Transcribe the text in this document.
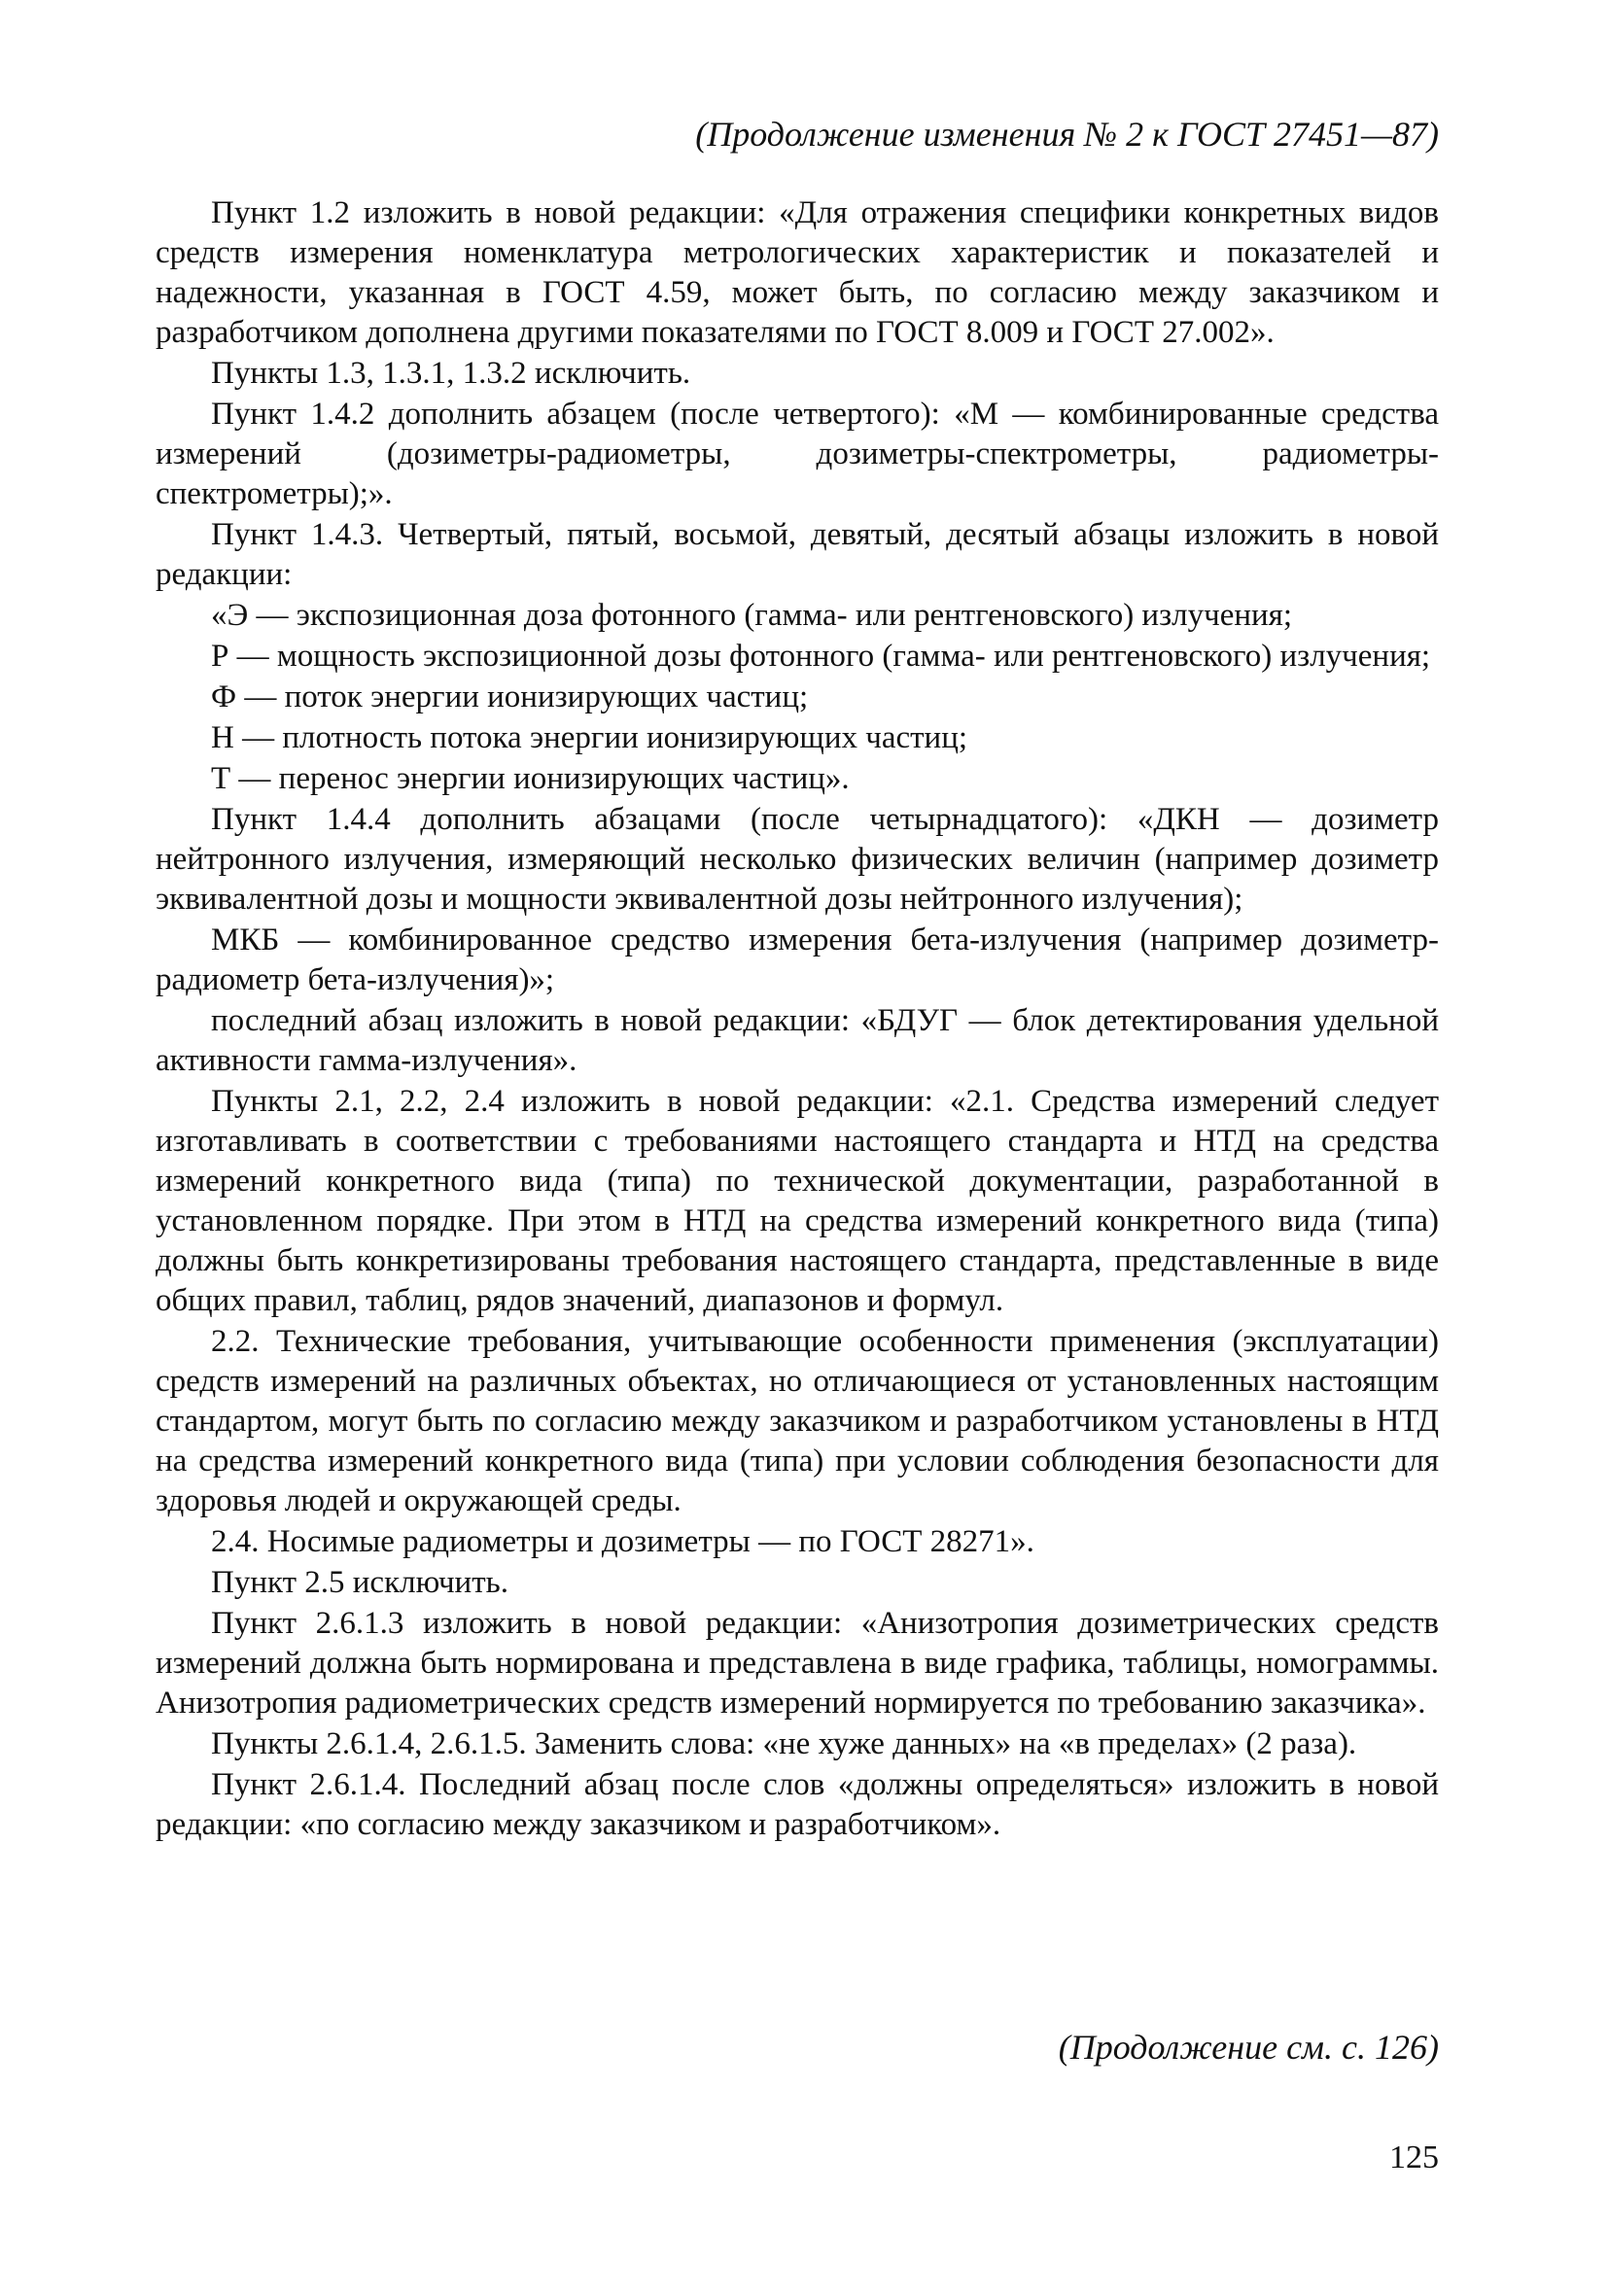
(Продолжение изменения № 2 к ГОСТ 27451—87)

Пункт 1.2 изложить в новой редакции: «Для отражения специфики конкретных видов средств измерения номенклатура метрологических характеристик и показателей и надежности, указанная в ГОСТ 4.59, может быть, по согласию между заказчиком и разработчиком дополнена другими показателями по ГОСТ 8.009 и ГОСТ 27.002».

Пункты 1.3, 1.3.1, 1.3.2 исключить.

Пункт 1.4.2 дополнить абзацем (после четвертого): «М — комбинированные средства измерений (дозиметры-радиометры, дозиметры-спектрометры, радиометры-спектрометры);».

Пункт 1.4.3. Четвертый, пятый, восьмой, девятый, десятый абзацы изложить в новой редакции:

«Э — экспозиционная доза фотонного (гамма- или рентгеновского) излучения;

Р — мощность экспозиционной дозы фотонного (гамма- или рентгеновского) излучения;

Ф — поток энергии ионизирующих частиц;

Н — плотность потока энергии ионизирующих частиц;

Т — перенос энергии ионизирующих частиц».

Пункт 1.4.4 дополнить абзацами (после четырнадцатого): «ДКН — дозиметр нейтронного излучения, измеряющий несколько физических величин (например дозиметр эквивалентной дозы и мощности эквивалентной дозы нейтронного излучения);

МКБ — комбинированное средство измерения бета-излучения (например дозиметр-радиометр бета-излучения)»;

последний абзац изложить в новой редакции: «БДУГ — блок детектирования удельной активности гамма-излучения».

Пункты 2.1, 2.2, 2.4 изложить в новой редакции: «2.1. Средства измерений следует изготавливать в соответствии с требованиями настоящего стандарта и НТД на средства измерений конкретного вида (типа) по технической документации, разработанной в установленном порядке. При этом в НТД на средства измерений конкретного вида (типа) должны быть конкретизированы требования настоящего стандарта, представленные в виде общих правил, таблиц, рядов значений, диапазонов и формул.

2.2. Технические требования, учитывающие особенности применения (эксплуатации) средств измерений на различных объектах, но отличающиеся от установленных настоящим стандартом, могут быть по согласию между заказчиком и разработчиком установлены в НТД на средства измерений конкретного вида (типа) при условии соблюдения безопасности для здоровья людей и окружающей среды.

2.4. Носимые радиометры и дозиметры — по ГОСТ 28271».

Пункт 2.5 исключить.

Пункт 2.6.1.3 изложить в новой редакции: «Анизотропия дозиметрических средств измерений должна быть нормирована и представлена в виде графика, таблицы, номограммы. Анизотропия радиометрических средств измерений нормируется по требованию заказчика».

Пункты 2.6.1.4, 2.6.1.5. Заменить слова: «не хуже данных» на «в пределах» (2 раза).

Пункт 2.6.1.4. Последний абзац после слов «должны определяться» изложить в новой редакции: «по согласию между заказчиком и разработчиком».

(Продолжение см. с. 126)
125
